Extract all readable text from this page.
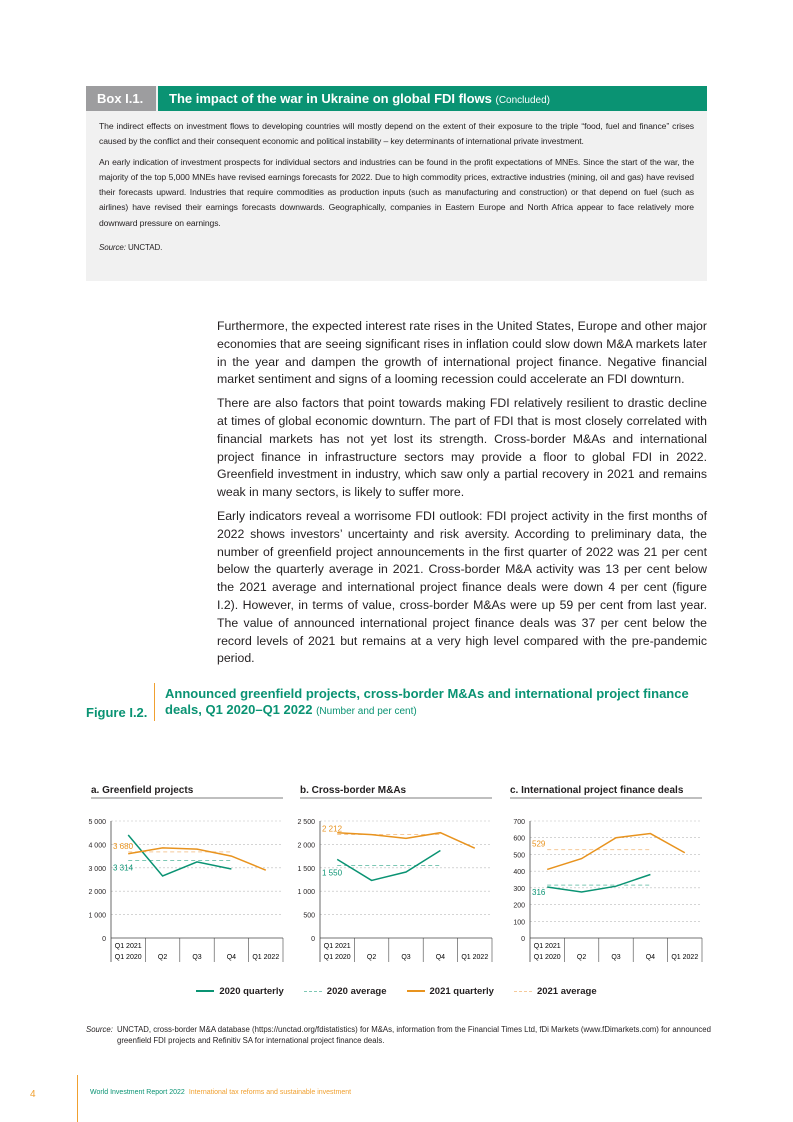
Box I.1.	The impact of the war in Ukraine on global FDI flows (Concluded)

The indirect effects on investment flows to developing countries will mostly depend on the extent of their exposure to the triple “food, fuel and finance” crises caused by the conflict and their consequent economic and political instability – key determinants of international private investment.

An early indication of investment prospects for individual sectors and industries can be found in the profit expectations of MNEs. Since the start of the war, the majority of the top 5,000 MNEs have revised earnings forecasts for 2022. Due to high commodity prices, extractive industries (mining, oil and gas) have revised their forecasts upward. Industries that require commodities as production inputs (such as manufacturing and construction) or that depend on fuel (such as airlines) have revised their earnings forecasts downwards. Geographically, companies in Eastern Europe and North Africa appear to face relatively more downward pressure on earnings.

Source: UNCTAD.

Furthermore, the expected interest rate rises in the United States, Europe and other major economies that are seeing significant rises in inflation could slow down M&A markets later in the year and dampen the growth of international project finance. Negative financial market sentiment and signs of a looming recession could accelerate an FDI downturn.

There are also factors that point towards making FDI relatively resilient to drastic decline at times of global economic downturn. The part of FDI that is most closely correlated with financial markets has not yet lost its strength. Cross-border M&As and international project finance in infrastructure sectors may provide a floor to global FDI in 2022. Greenfield investment in industry, which saw only a partial recovery in 2021 and remains weak in many sectors, is likely to suffer more.

Early indicators reveal a worrisome FDI outlook: FDI project activity in the first months of 2022 shows investors’ uncertainty and risk aversity. According to preliminary data, the number of greenfield project announcements in the first quarter of 2022 was 21 per cent below the quarterly average in 2021. Cross-border M&A activity was 13 per cent below the 2021 average and international project finance deals were down 4 per cent (figure I.2). However, in terms of value, cross-border M&As were up 59 per cent from last year. The value of announced international project finance deals was 37 per cent below the record levels of 2021 but remains at a very high level compared with the pre-pandemic period.

Figure I.2.
Announced greenfield projects, cross-border M&As and international project finance deals, Q1 2020–Q1 2022 (Number and per cent)
a. Greenfield projects
0
1 000
2 000
3 000
4 000
5 000
Q1 2021
Q1 2020 Q2	Q3	Q4 Q1 2022
3 314
3 680
b. Cross-border M&As
0
500
1 000
1 500
2 000
2 500
Q1 2021
Q1 2020 Q2	Q3	Q4 Q1 2022
1 550
2 212
c. International project finance deals
0
100
200
300
400
500
600
700
Q1 2021
Q1 2020 Q2	Q3	Q4 Q1 2022
316
529
2020 quarterly	2020 average	2021 quarterly	2021 average
Source: UNCTAD, cross-border M&A database (https://unctad.org/fdistatistics) for M&As, information from the Financial Times Ltd, fDi Markets (www.fDimarkets.com) for announced greenfield FDI projects and Refinitiv SA for international project finance deals.
4	World Investment Report 2022 International tax reforms and sustainable investment
